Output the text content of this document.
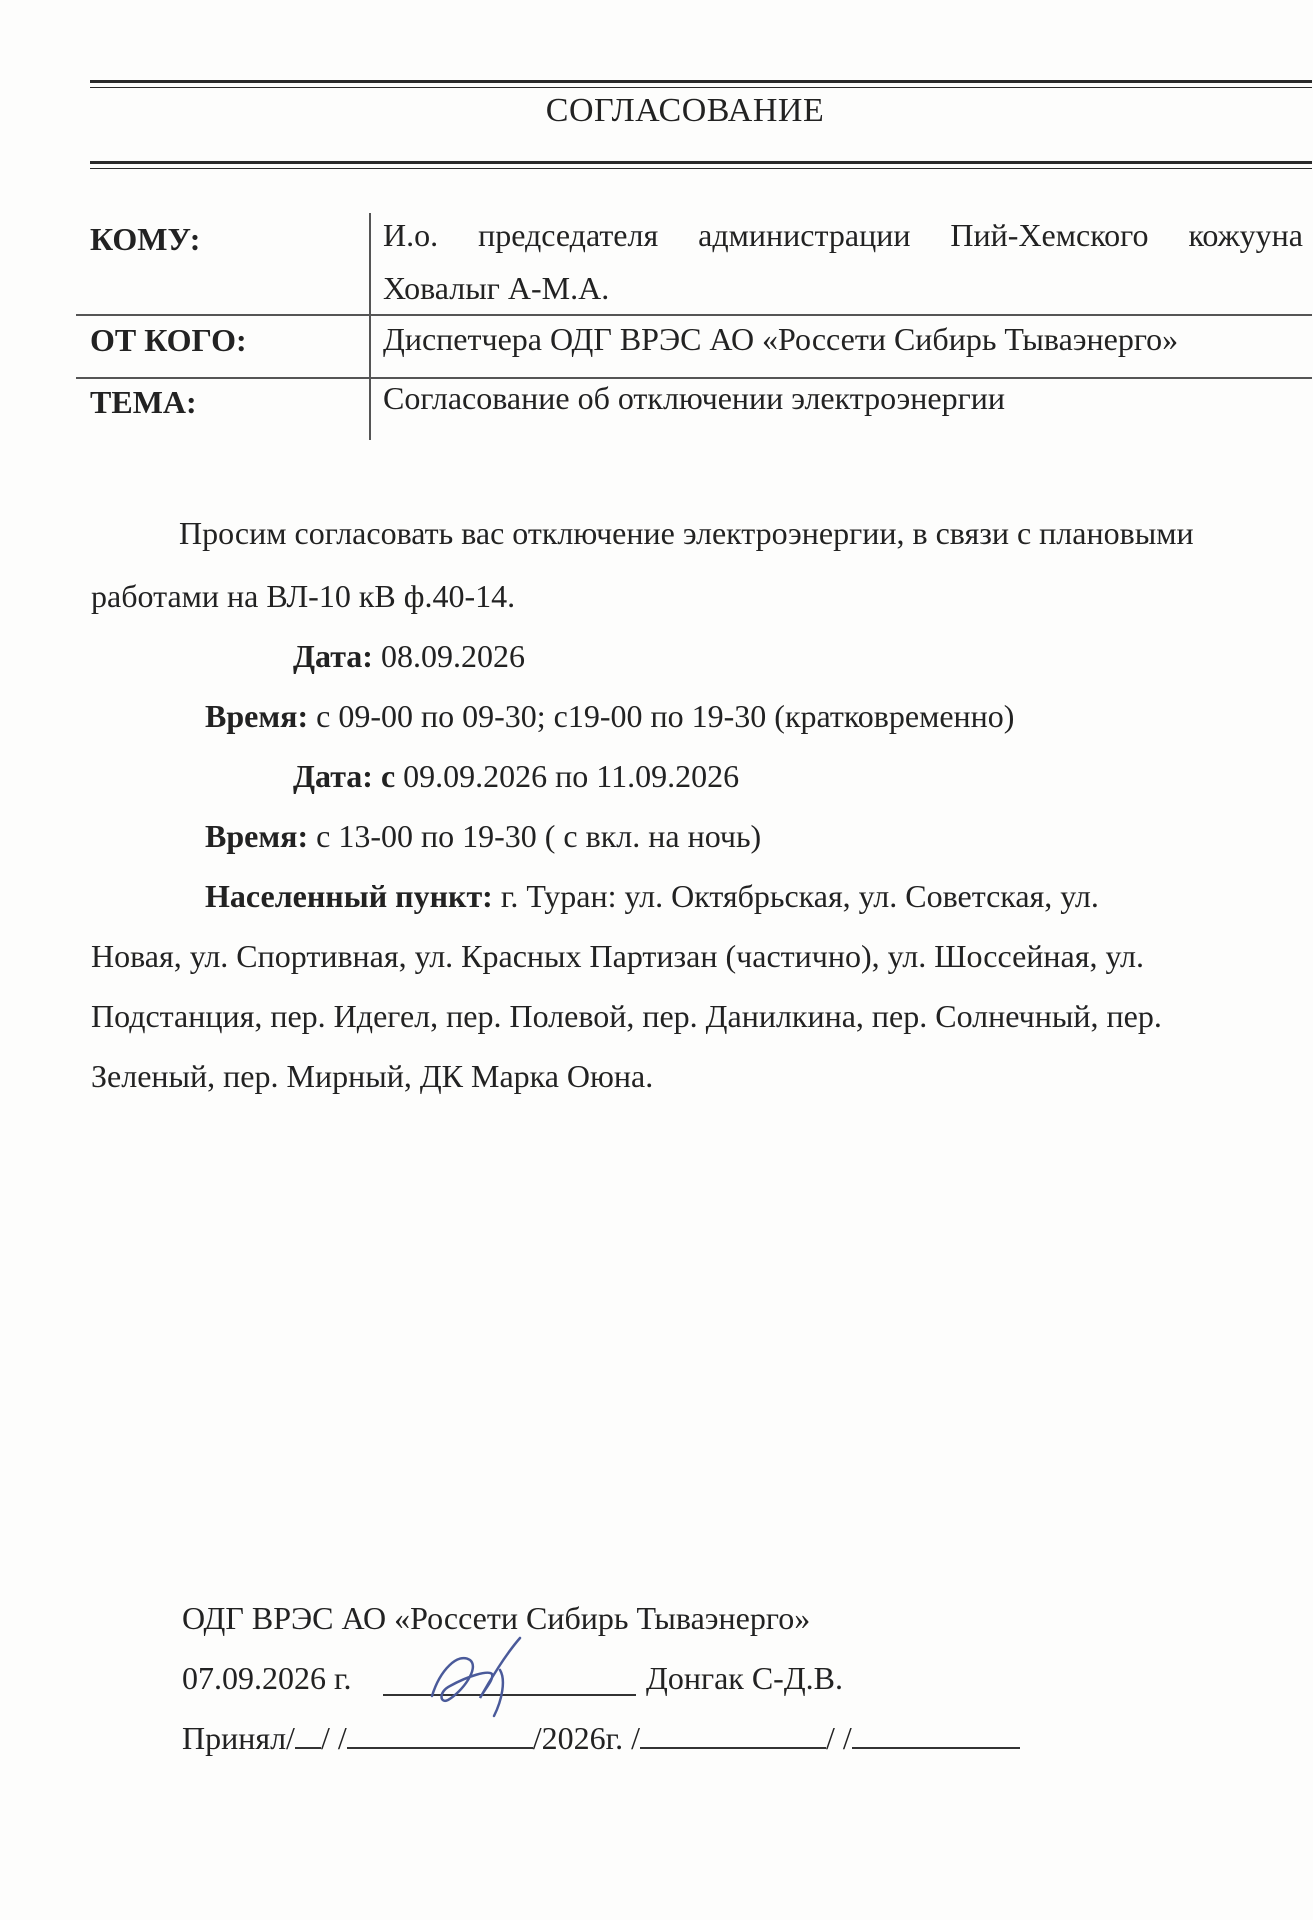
СОГЛАСОВАНИЕ
КОМУ:	И.о. председателя администрации Пий-Хемского кожууна
Ховалыг А-М.А.
ОТ КОГО:	Диспетчера ОДГ ВРЭС АО «Россети Сибирь Тываэнерго»
ТЕМА:	Согласование об отключении электроэнергии
Просим согласовать вас отключение электроэнергии, в связи с плановыми
работами на ВЛ-10 кВ ф.40-14.
Дата: 08.09.2026
Время: с 09-00 по 09-30; с19-00 по 19-30 (кратковременно)
Дата: с 09.09.2026 по 11.09.2026
Время: с 13-00 по 19-30 ( с вкл. на ночь)
Населенный пункт: г. Туран: ул. Октябрьская, ул. Советская, ул.
Новая, ул. Спортивная, ул. Красных Партизан (частично), ул. Шоссейная, ул.
Подстанция, пер. Идегел, пер. Полевой, пер. Данилкина, пер. Солнечный, пер.
Зеленый, пер. Мирный, ДК Марка Оюна.
ОДГ ВРЭС АО «Россети Сибирь Тываэнерго»
07.09.2026 г.	Донгак С-Д.В.
Принял/ / /	/2026г. /	/ /
